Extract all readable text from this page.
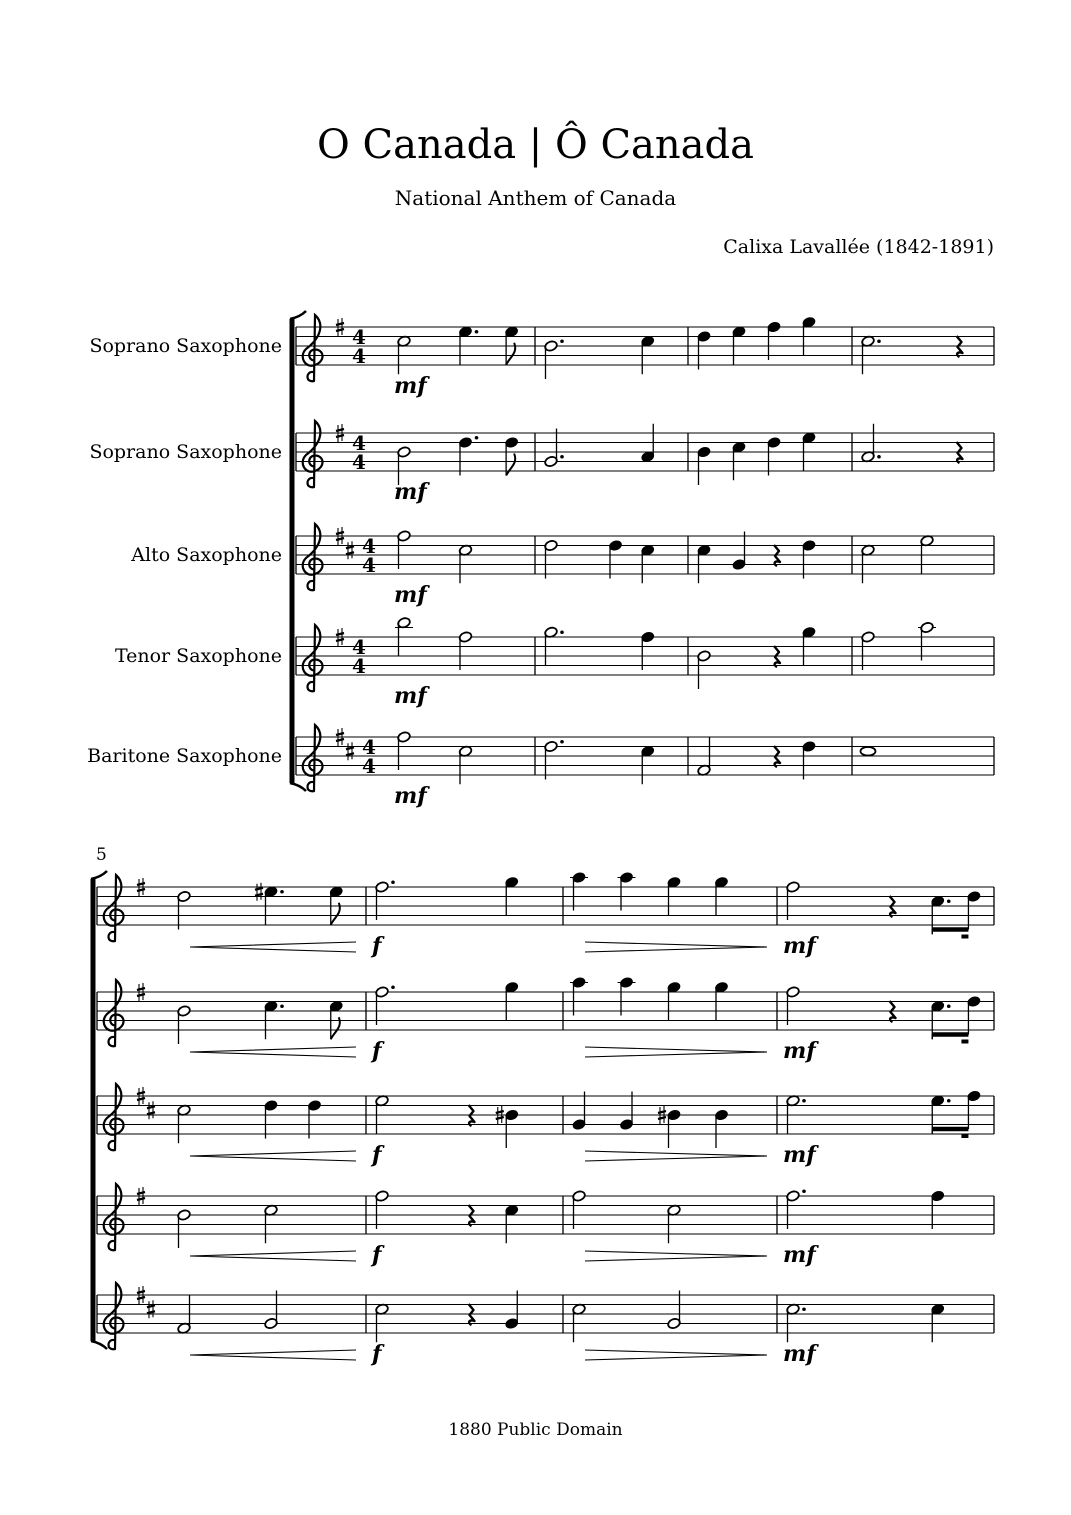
O Canada | Ô Canada
National Anthem of Canada
Calixa Lavallée (1842-1891)
5
1880 Public Domain
Soprano Saxophone	4
4
mf
Soprano Saxophone	4
4
mf
Alto Saxophone	4
4
mf
Tenor Saxophone	4
4
mf
Baritone Saxophone	4
4
mf
f	mf
f	mf
f	mf
f	mf
f	mf
